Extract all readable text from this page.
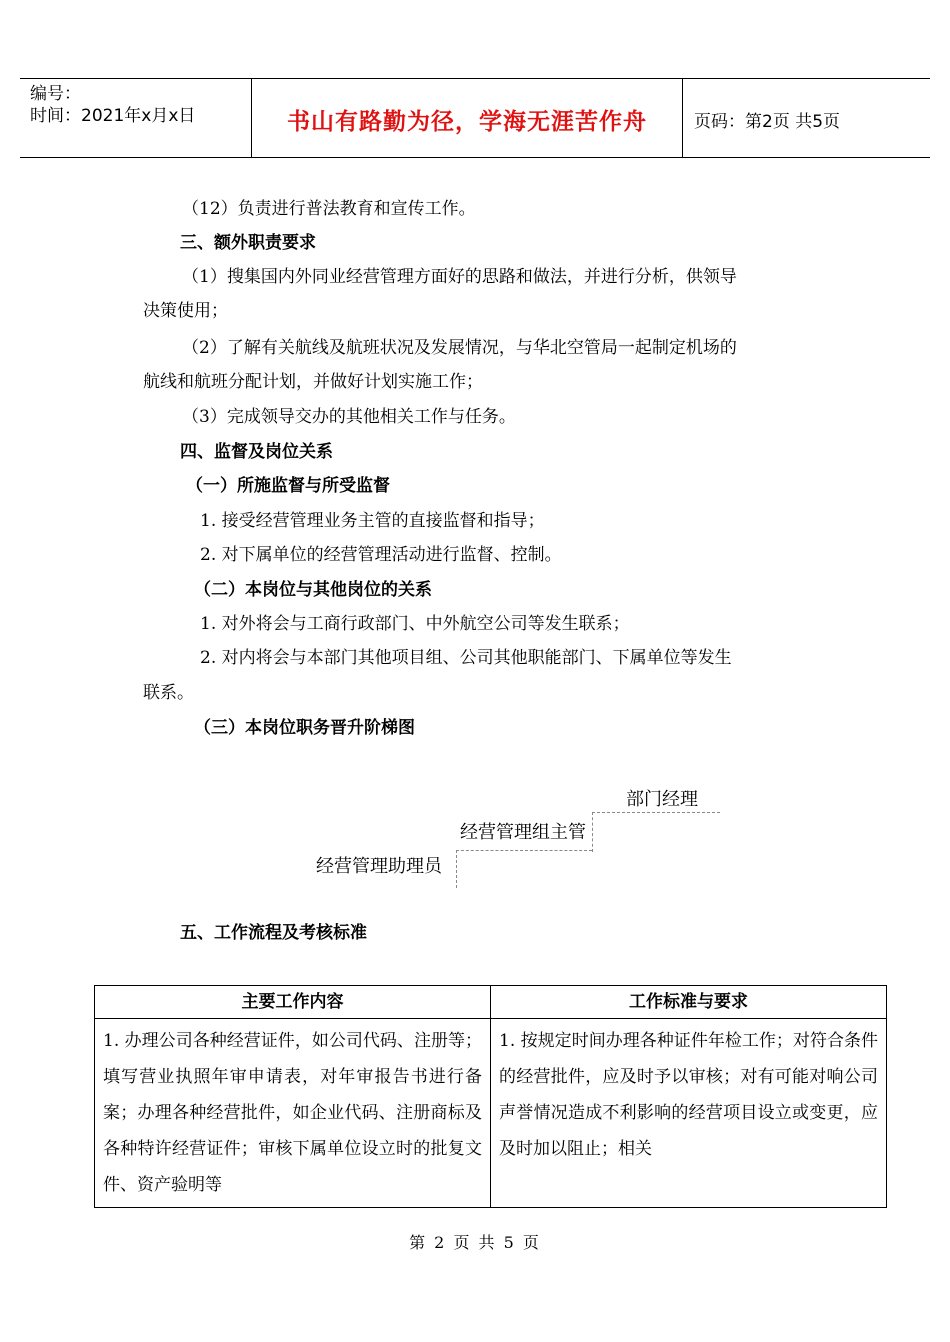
编号：
时间：2021年x月x日	书山有路勤为径，学海无涯苦作舟	页码：第2页 共5页
（12）负责进行普法教育和宣传工作。
三、额外职责要求
（1）搜集国内外同业经营管理方面好的思路和做法，并进行分析，供领导
决策使用；
（2）了解有关航线及航班状况及发展情况，与华北空管局一起制定机场的
航线和航班分配计划，并做好计划实施工作；
（3）完成领导交办的其他相关工作与任务。
四、监督及岗位关系
（一）所施监督与所受监督
1. 接受经营管理业务主管的直接监督和指导；
2. 对下属单位的经营管理活动进行监督、控制。
（二）本岗位与其他岗位的关系
1. 对外将会与工商行政部门、中外航空公司等发生联系；
2. 对内将会与本部门其他项目组、公司其他职能部门、下属单位等发生
联系。
（三）本岗位职务晋升阶梯图
部门经理
经营管理组主管
经营管理助理员
五、工作流程及考核标准
主要工作内容	工作标准与要求
1. 办理公司各种经营证件，如公司代码、注册等；填写营业执照年审申请表，对年审报告书进行备案；办理各种经营批件，如企业代码、注册商标及各种特许经营证件；审核下属单位设立时的批复文件、资产验明等	1. 按规定时间办理各种证件年检工作；对符合条件的经营批件，应及时予以审核；对有可能对响公司声誉情况造成不利影响的经营项目设立或变更，应及时加以阻止；相关
第 2 页 共 5 页
